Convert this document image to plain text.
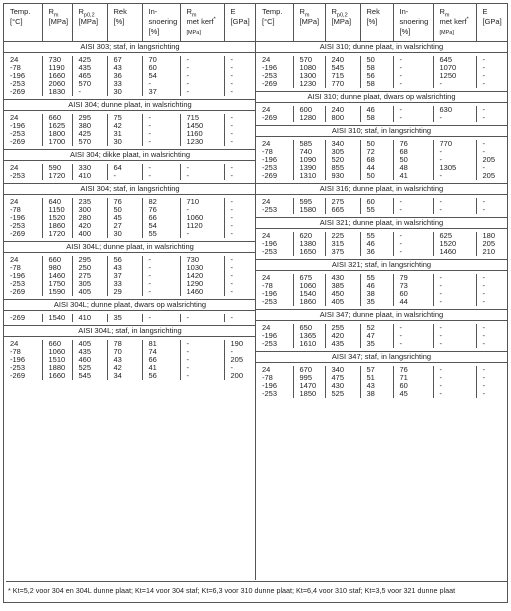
Temp.
[°C]	$R_m$
[MPa]	$R_{p0,2}$
[MPa]	Rek
[%]	In-
snoering
[%]	$R_m$
met kerf*
[MPa]	E
[GPa]
AISI 303; staf, in langsrichting						

24	730	425	67	70	-	-
-78	1190	435	43	60	-	-
-196	1660	465	36	54	-	-
-253	2060	570	33	-	-	-
-269	1830	-	30	37	-	-

AISI 304; dunne plaat, in walsrichting						

24	660	295	75	-	715	-
-196	1625	380	42	-	1450	-
-253	1800	425	31	-	1160	-
-269	1700	570	30	-	1230	-

AISI 304; dikke plaat, in walsrichting						

24	590	330	64	-	-	-
-253	1720	410	-	-	-	-

AISI 304; staf, in langsrichting						

24	640	235	76	82	710	-
-78	1150	300	50	76	-	-
-196	1520	280	45	66	1060	-
-253	1860	420	27	54	1120	-
-269	1720	400	30	55	-	-

AISI 304L; dunne plaat, in walsrichting						

24	660	295	56	-	730	-
-78	980	250	43	-	1030	-
-196	1460	275	37	-	1420	-
-253	1750	305	33	-	1290	-
-269	1590	405	29	-	1460	-

AISI 304L; dunne plaat, dwars op walsrichting						

-269	1540	410	35	-	-	-

AISI 304L; staf, in langsrichting						

24	660	405	78	81	-	190
-78	1060	435	70	74	-	-
-196	1510	460	43	66	-	205
-253	1880	525	42	41	-	-
-269	1660	545	34	56	-	200

Temp.
[°C]	$R_m$
[MPa]	$R_{p0,2}$
[MPa]	Rek
[%]	In-
snoering
[%]	$R_m$
met kerf*
[MPa]	E
[GPa]
AISI 310; dunne plaat, in walsrichting						

24	570	240	50	-	645	-
-196	1080	545	58	-	1070	-
-253	1300	715	56	-	1250	-
-269	1230	770	58	-	-	-

AISI 310; dunne plaat, dwars op walsrichting						

24	600	240	46	-	630	-
-269	1280	800	58	-	-	-

AISI 310; staf, in langsrichting						

24	585	340	50	76	770	-
-78	740	305	72	68	-	-
-196	1090	520	68	50	-	205
-253	1390	855	44	48	1305	-
-269	1310	930	50	41	-	205

AISI 316; dunne plaat, in walsrichting						

24	595	275	60	-	-	-
-253	1580	665	55	-	-	-

AISI 321; dunne plaat, in walsrichting						

24	620	225	55	-	625	180
-196	1380	315	46	-	1520	205
-253	1650	375	36	-	1460	210

AISI 321; staf, in langsrichting						

24	675	430	55	79	-	-
-78	1060	385	46	73	-	-
-196	1540	450	38	60	-	-
-253	1860	405	35	44	-	-

AISI 347; dunne plaat, in walsrichting						

24	650	255	52	-	-	-
-196	1365	420	47	-	-	-
-253	1610	435	35	-	-	-

AISI 347; staf, in langsrichting						

24	670	340	57	76	-	-
-78	995	475	51	71	-	-
-196	1470	430	43	60	-	-
-253	1850	525	38	45	-	-

* Kt=5,2 voor 304 en 304L dunne plaat; Kt=14 voor 304 staf; Kt=6,3 voor 310 dunne plaat; Kt=6,4 voor 310 staf; Kt=3,5 voor 321 dunne plaat
